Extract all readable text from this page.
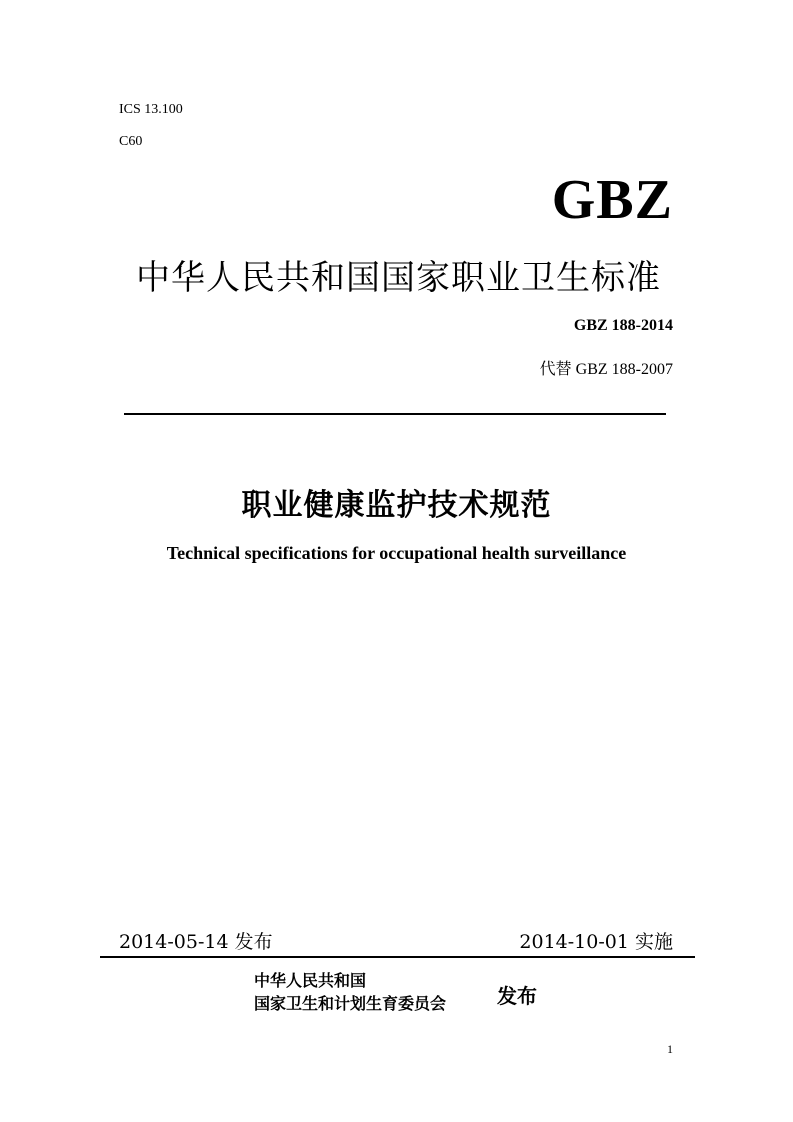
ICS 13.100
C60
GBZ
中华人民共和国国家职业卫生标准
GBZ 188-2014
代替 GBZ 188-2007
职业健康监护技术规范
Technical specifications for occupational health surveillance
2014-05-14 发布	2014-10-01 实施
中华人民共和国
国家卫生和计划生育委员会	发布
1
